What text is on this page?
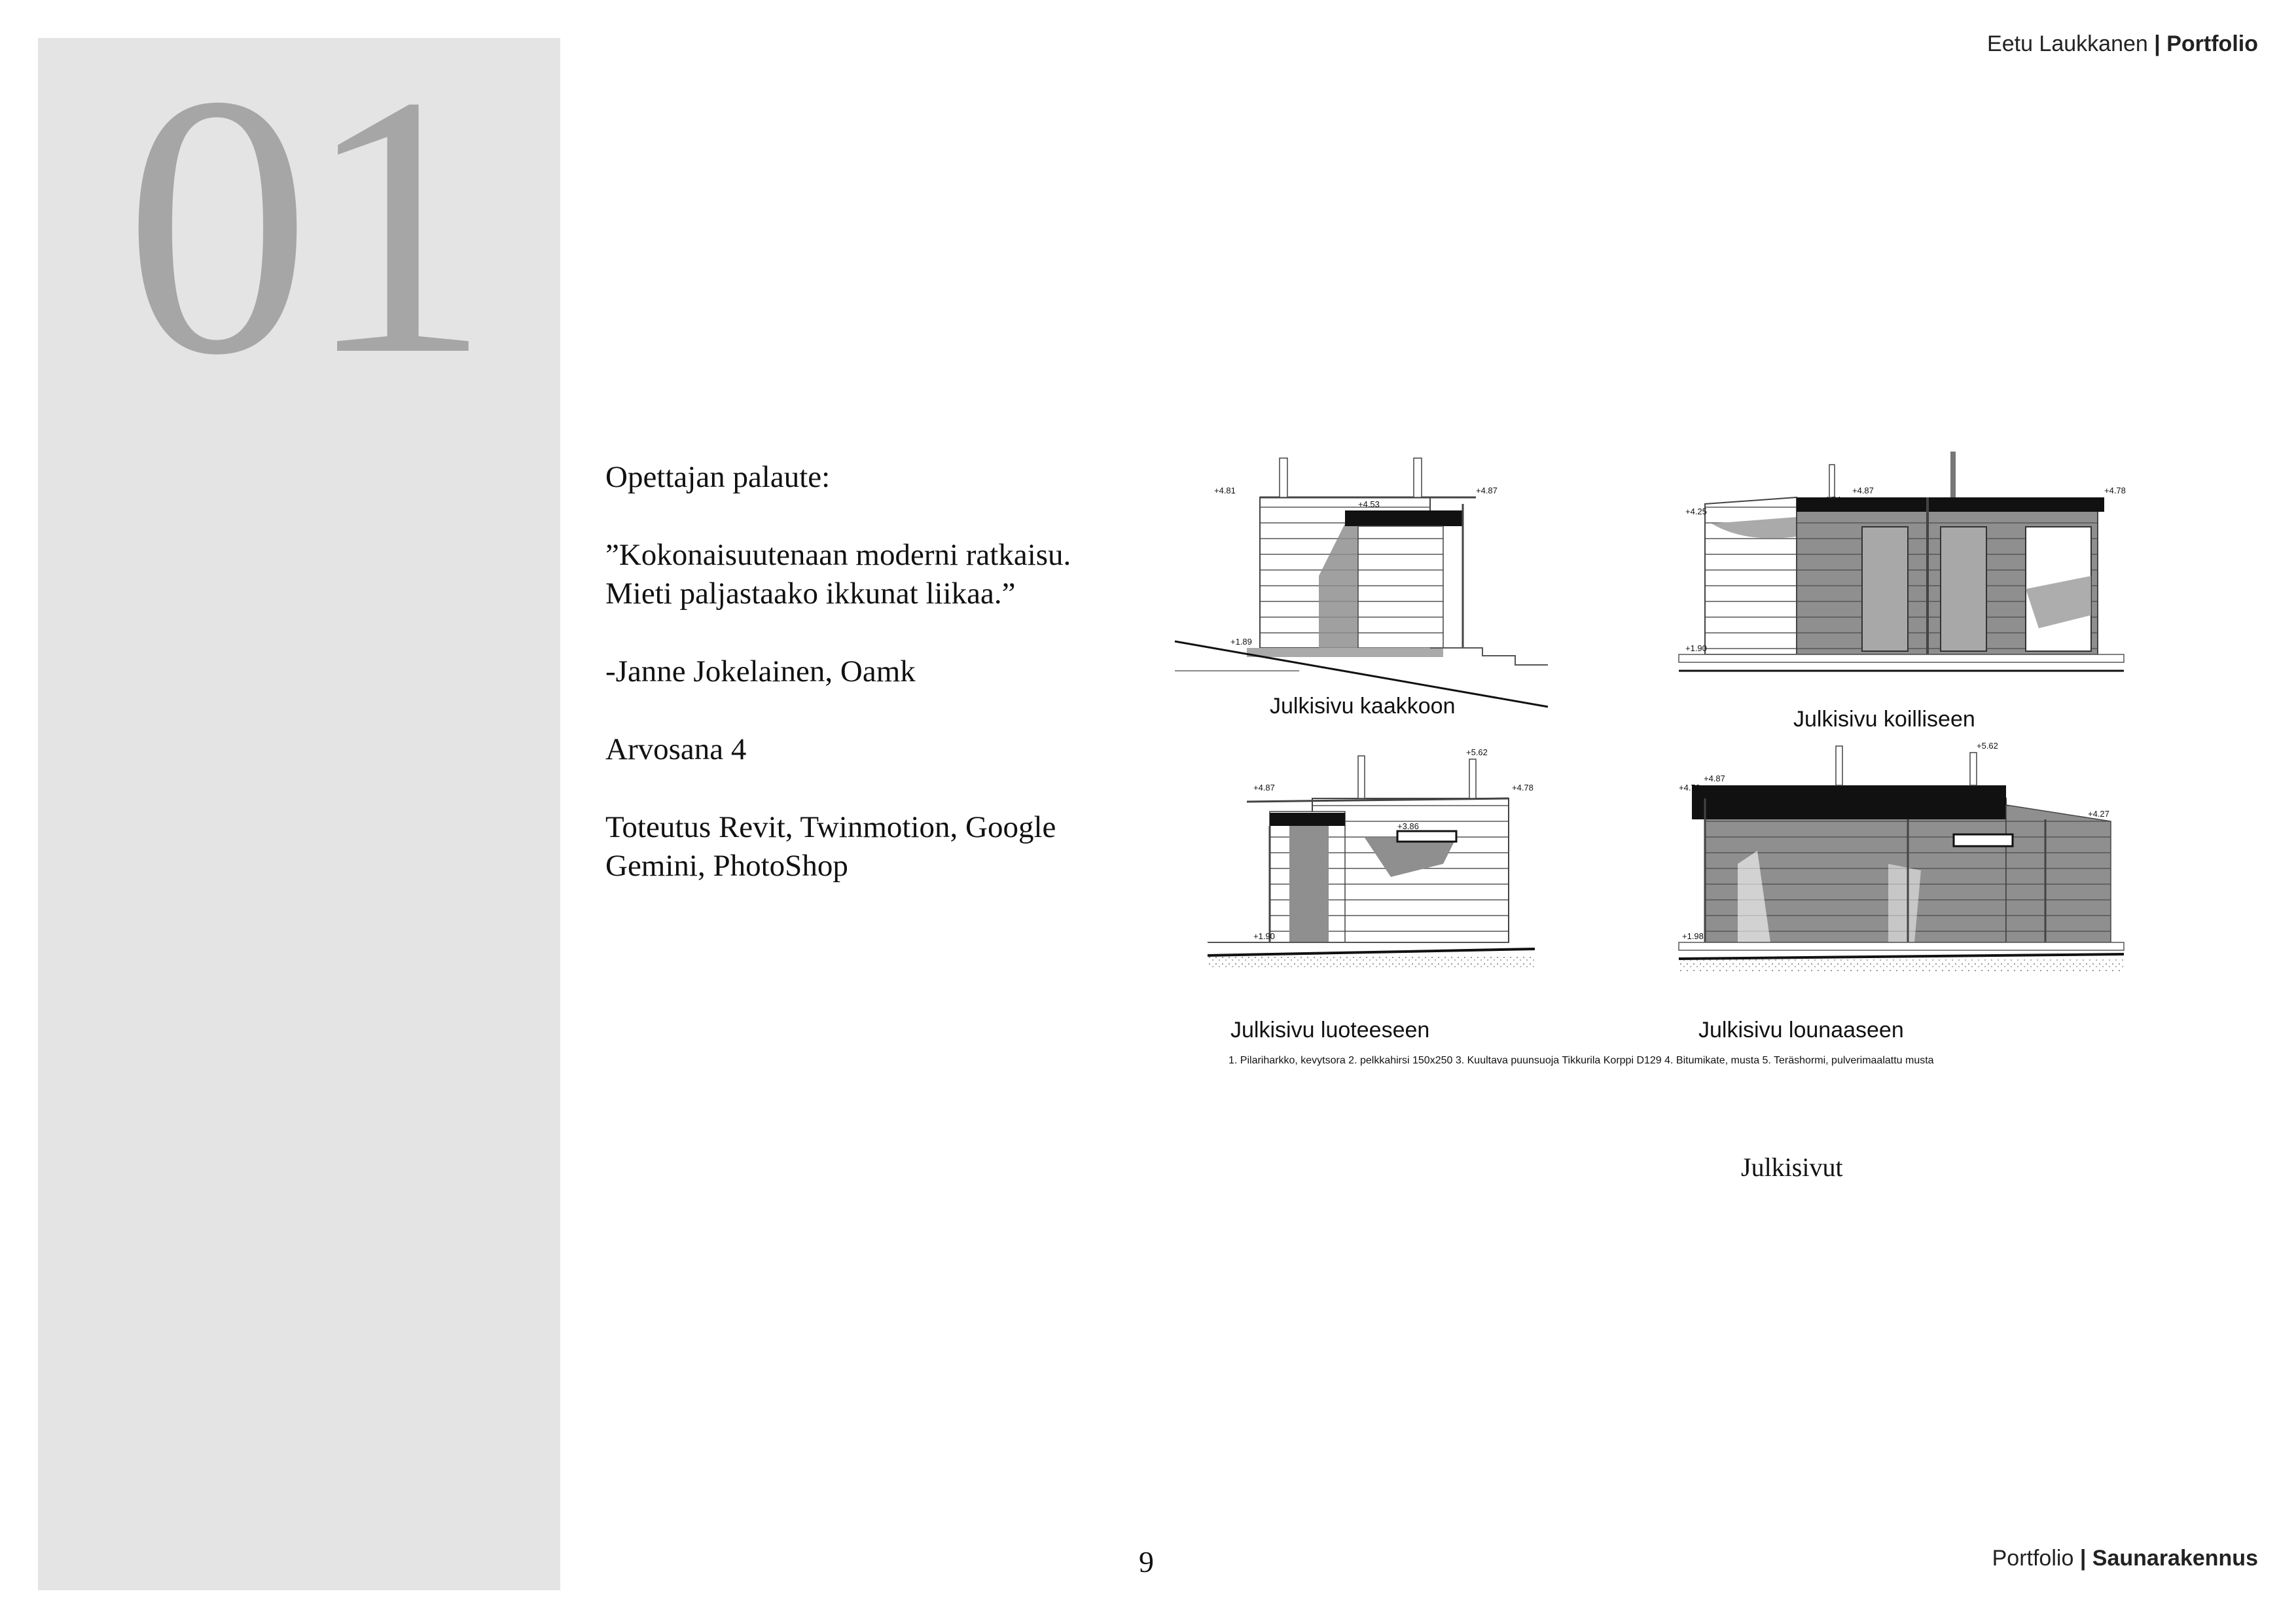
01	Eetu Laukkanen | Portfolio

Opettajan palaute:

”Kokonaisuutenaan moderni ratkaisu.
Mieti paljastaako ikkunat liikaa.”

-Janne Jokelainen, Oamk

Arvosana 4

Toteutus Revit, Twinmotion, Google
Gemini, PhotoShop

+4.81
+4.53
+4.87
+1.89
Julkisivu kaakkoon
+4.87
+4.54
+4.25
+4.78
+1.90
Julkisivu koilliseen
+4.87
+5.62
+4.78
+3.86
+1.90
Julkisivu luoteeseen
+4.78
+4.87
+5.62
+4.27
+1.98
Julkisivu lounaaseen
1. Pilariharkko, kevytsora 2. pelkkahirsi 150x250 3. Kuultava puunsuoja Tikkurila Korppi D129 4. Bitumikate, musta 5. Teräshormi, pulverimaalattu musta
Julkisivut
9	Portfolio | Saunarakennus
